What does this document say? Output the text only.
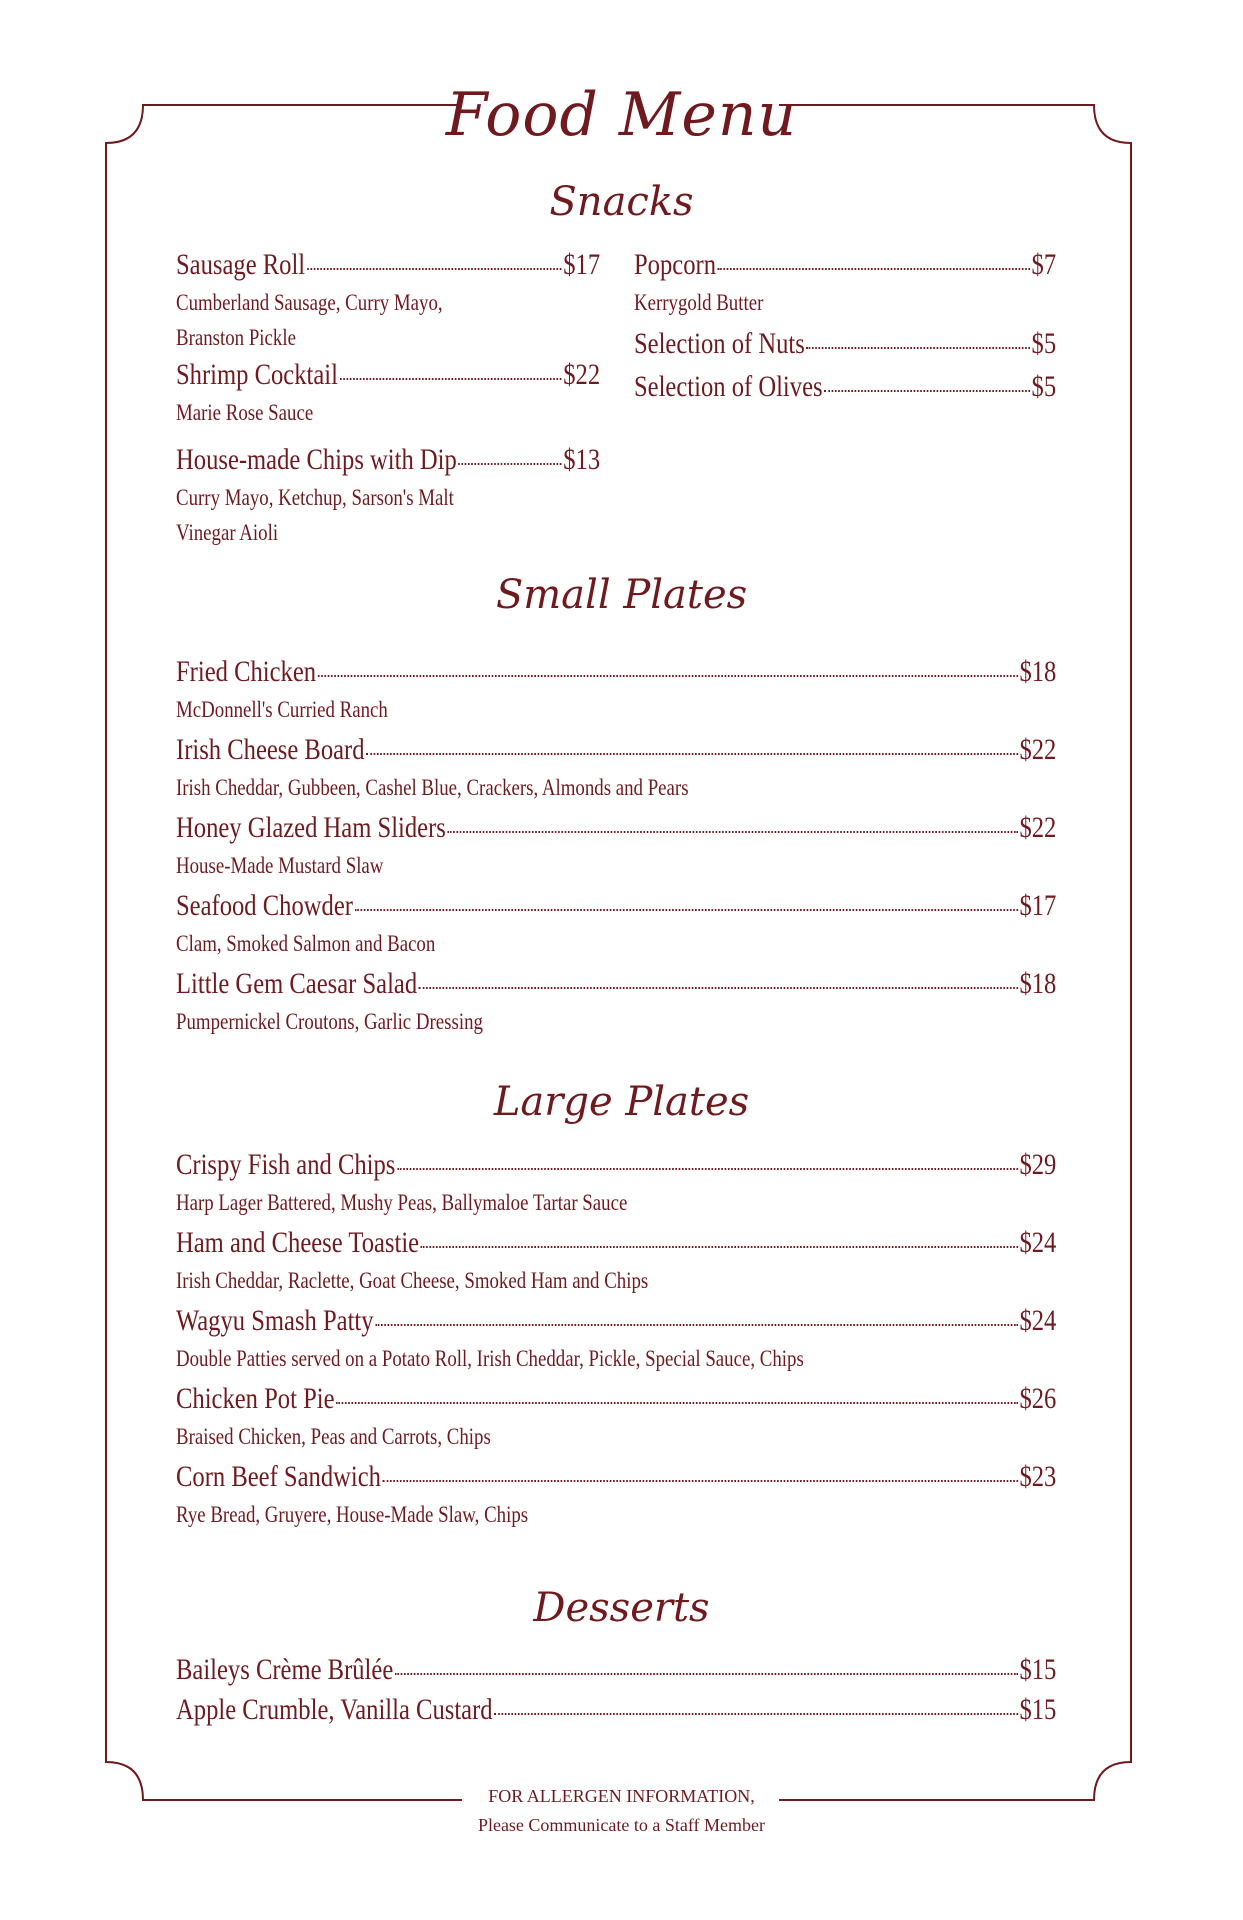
Food Menu
Snacks
Sausage Roll	$17
Cumberland Sausage, Curry Mayo,
Branston Pickle
Shrimp Cocktail	$22
Marie Rose Sauce
House-made Chips with Dip	$13
Curry Mayo, Ketchup, Sarson's Malt
Vinegar Aioli
Popcorn	$7
Kerrygold Butter
Selection of Nuts	$5
Selection of Olives	$5
Small Plates
Fried Chicken	$18
McDonnell's Curried Ranch
Irish Cheese Board	$22
Irish Cheddar, Gubbeen, Cashel Blue, Crackers, Almonds and Pears
Honey Glazed Ham Sliders	$22
House-Made Mustard Slaw
Seafood Chowder	$17
Clam, Smoked Salmon and Bacon
Little Gem Caesar Salad	$18
Pumpernickel Croutons, Garlic Dressing
Large Plates
Crispy Fish and Chips	$29
Harp Lager Battered, Mushy Peas, Ballymaloe Tartar Sauce
Ham and Cheese Toastie	$24
Irish Cheddar, Raclette, Goat Cheese, Smoked Ham and Chips
Wagyu Smash Patty	$24
Double Patties served on a Potato Roll, Irish Cheddar, Pickle, Special Sauce, Chips
Chicken Pot Pie	$26
Braised Chicken, Peas and Carrots, Chips
Corn Beef Sandwich	$23
Rye Bread, Gruyere, House-Made Slaw, Chips
Desserts
Baileys Crème Brûlée	$15
Apple Crumble, Vanilla Custard	$15
FOR ALLERGEN INFORMATION,
Please Communicate to a Staff Member
